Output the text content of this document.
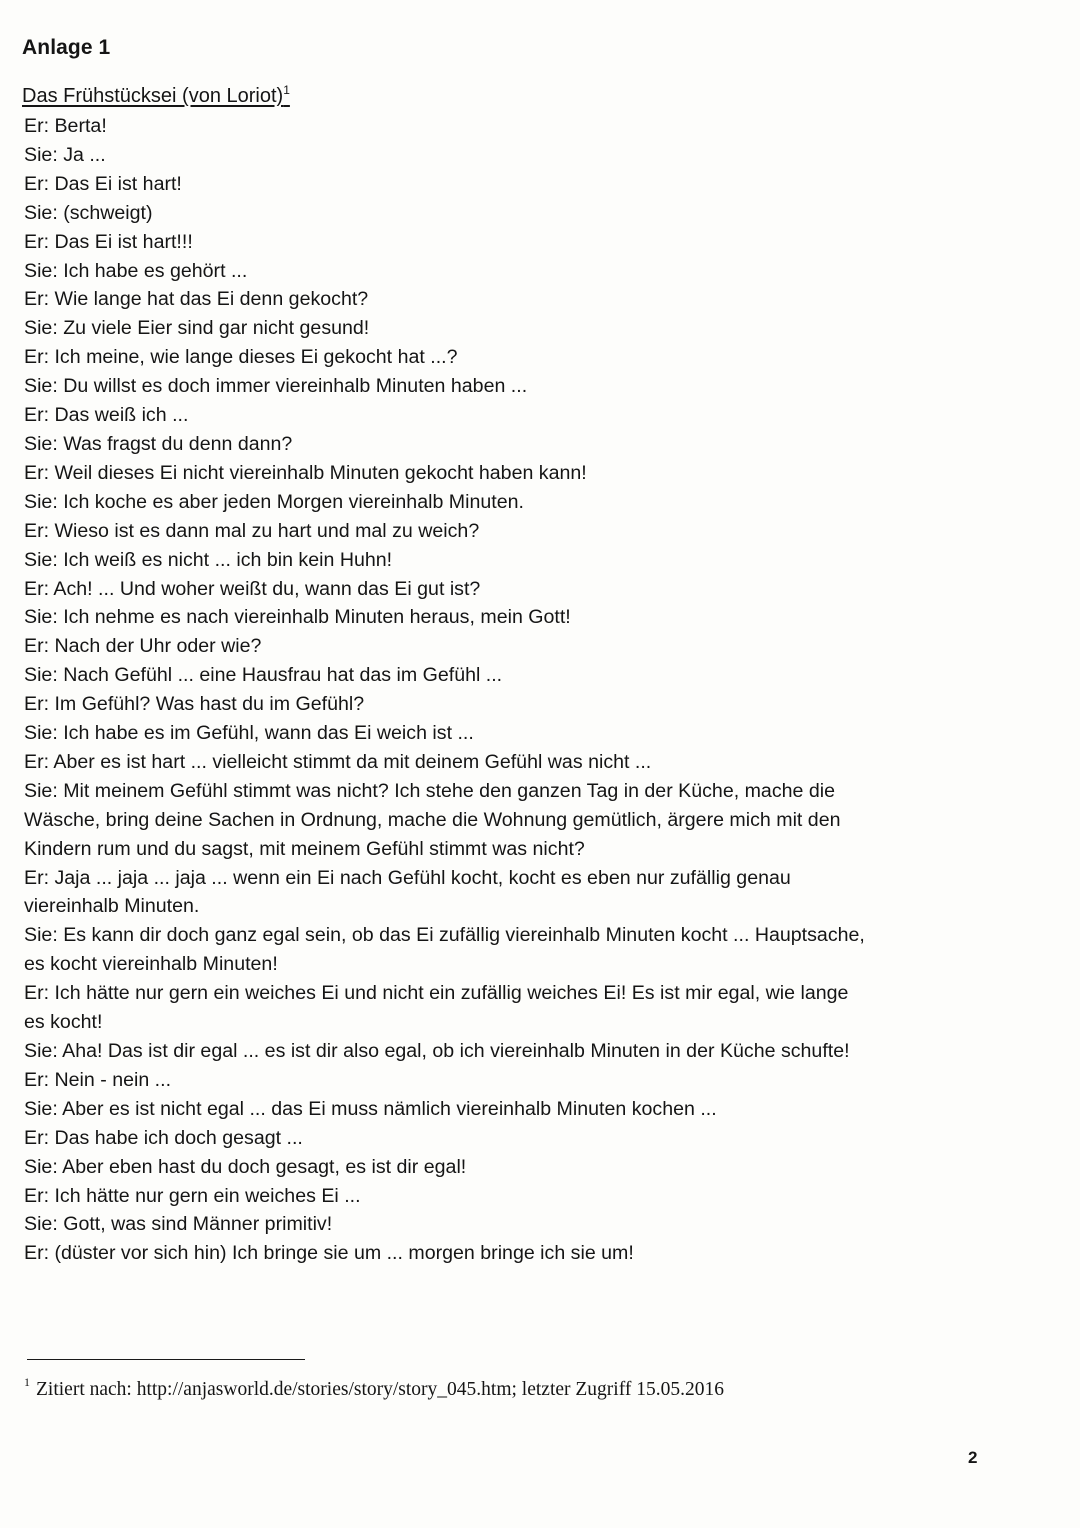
Anlage 1
Das Frühstücksei (von Loriot)$^1$
Er: Berta!
Sie: Ja ...
Er: Das Ei ist hart!
Sie: (schweigt)
Er: Das Ei ist hart!!!
Sie: Ich habe es gehört ...
Er: Wie lange hat das Ei denn gekocht?
Sie: Zu viele Eier sind gar nicht gesund!
Er: Ich meine, wie lange dieses Ei gekocht hat ...?
Sie: Du willst es doch immer viereinhalb Minuten haben ...
Er: Das weiß ich ...
Sie: Was fragst du denn dann?
Er: Weil dieses Ei nicht viereinhalb Minuten gekocht haben kann!
Sie: Ich koche es aber jeden Morgen viereinhalb Minuten.
Er: Wieso ist es dann mal zu hart und mal zu weich?
Sie: Ich weiß es nicht ... ich bin kein Huhn!
Er: Ach! ... Und woher weißt du, wann das Ei gut ist?
Sie: Ich nehme es nach viereinhalb Minuten heraus, mein Gott!
Er: Nach der Uhr oder wie?
Sie: Nach Gefühl ... eine Hausfrau hat das im Gefühl ...
Er: Im Gefühl? Was hast du im Gefühl?
Sie: Ich habe es im Gefühl, wann das Ei weich ist ...
Er: Aber es ist hart ... vielleicht stimmt da mit deinem Gefühl was nicht ...
Sie: Mit meinem Gefühl stimmt was nicht? Ich stehe den ganzen Tag in der Küche, mache die Wäsche, bring deine Sachen in Ordnung, mache die Wohnung gemütlich, ärgere mich mit den Kindern rum und du sagst, mit meinem Gefühl stimmt was nicht?
Er: Jaja ... jaja ... jaja ... wenn ein Ei nach Gefühl kocht, kocht es eben nur zufällig genau viereinhalb Minuten.
Sie: Es kann dir doch ganz egal sein, ob das Ei zufällig viereinhalb Minuten kocht ... Hauptsache, es kocht viereinhalb Minuten!
Er: Ich hätte nur gern ein weiches Ei und nicht ein zufällig weiches Ei! Es ist mir egal, wie lange es kocht!
Sie: Aha! Das ist dir egal ... es ist dir also egal, ob ich viereinhalb Minuten in der Küche schufte!
Er: Nein - nein ...
Sie: Aber es ist nicht egal ... das Ei muss nämlich viereinhalb Minuten kochen ...
Er: Das habe ich doch gesagt ...
Sie: Aber eben hast du doch gesagt, es ist dir egal!
Er: Ich hätte nur gern ein weiches Ei ...
Sie: Gott, was sind Männer primitiv!
Er: (düster vor sich hin) Ich bringe sie um ... morgen bringe ich sie um!
$^1$ Zitiert nach: http://anjasworld.de/stories/story/story_045.htm; letzter Zugriff 15.05.2016
2
